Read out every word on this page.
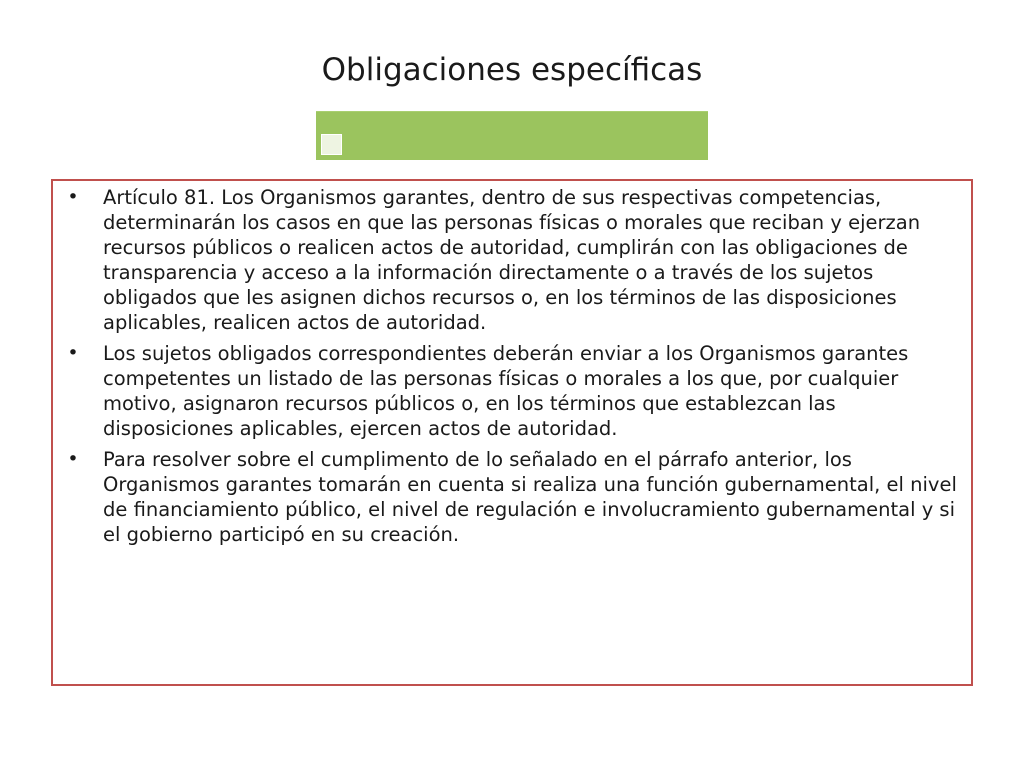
Obligaciones específicas
• Artículo 81. Los Organismos garantes, dentro de sus respectivas competencias, determinarán los casos en que las personas físicas o morales que reciban y ejerzan recursos públicos o realicen actos de autoridad, cumplirán con las obligaciones de transparencia y acceso a la información directamente o a través de los sujetos obligados que les asignen dichos recursos o, en los términos de las disposiciones aplicables, realicen actos de autoridad.
• Los sujetos obligados correspondientes deberán enviar a los Organismos garantes competentes un listado de las personas físicas o morales a los que, por cualquier motivo, asignaron recursos públicos o, en los términos que establezcan las disposiciones aplicables, ejercen actos de autoridad.
• Para resolver sobre el cumplimento de lo señalado en el párrafo anterior, los Organismos garantes tomarán en cuenta si realiza una función gubernamental, el nivel de financiamiento público, el nivel de regulación e involucramiento gubernamental y si el gobierno participó en su creación.
